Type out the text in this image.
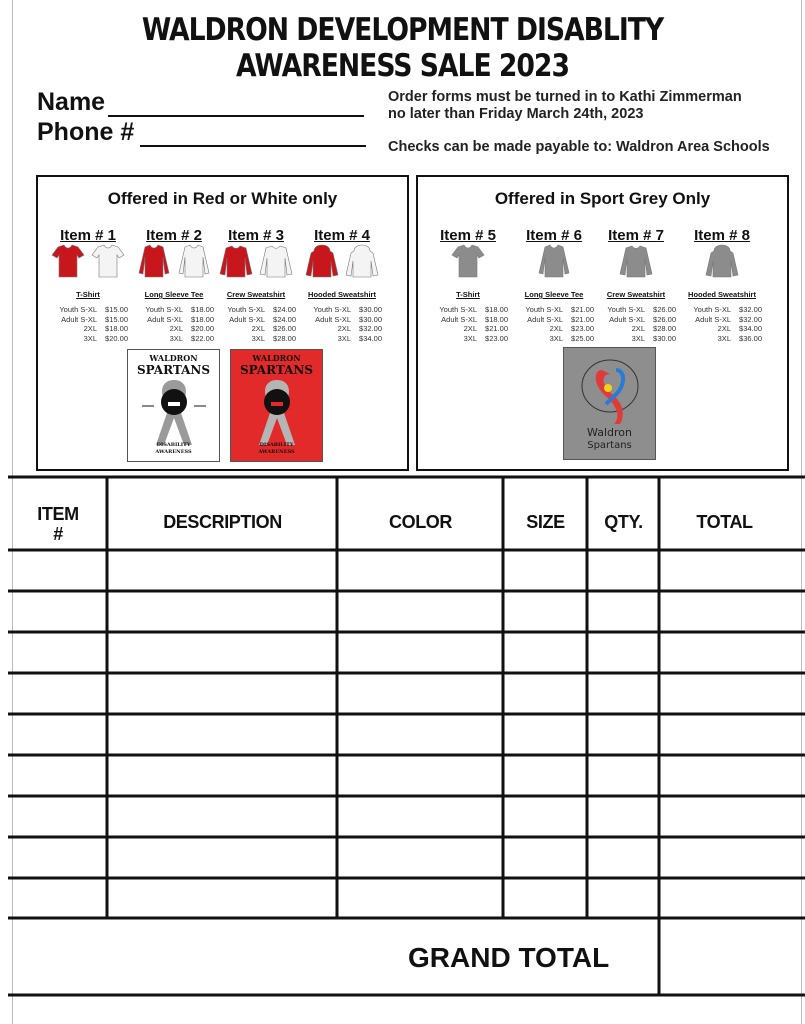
WALDRON DEVELOPMENT DISABLITY AWARENESS SALE 2023
Name
Phone #
Order forms must be turned in to Kathi Zimmerman
no later than Friday March 24th, 2023
Checks can be made payable to: Waldron Area Schools
Offered in Red or White only
Item # 1
T-Shirt
Youth S-XL	$15.00
Adult S-XL	$15.00
2XL	$18.00
3XL	$20.00
Item # 2
Long Sleeve Tee
Youth S-XL	$18.00
Adult S-XL	$18.00
2XL	$20.00
3XL	$22.00
Item # 3
Crew Sweatshirt
Youth S-XL	$24.00
Adult S-XL	$24.00
2XL	$26.00
3XL	$28.00
Item # 4
Hooded Sweatshirt
Youth S-XL	$30.00
Adult S-XL	$30.00
2XL	$32.00
3XL	$34.00
WALDRON
SPARTANS
DISABILITY
AWARENESS
WALDRON
SPARTANS
DISABILITY
AWARENESS
Offered in Sport Grey Only
Item # 5
T-Shirt
Youth S-XL	$18.00
Adult S-XL	$18.00
2XL	$21.00
3XL	$23.00
Item # 6
Long Sleeve Tee
Youth S-XL	$21.00
Adult S-XL	$21.00
2XL	$23.00
3XL	$25.00
Item # 7
Crew Sweatshirt
Youth S-XL	$26.00
Adult S-XL	$26.00
2XL	$28.00
3XL	$30.00
Item # 8
Hooded Sweatshirt
Youth S-XL	$32.00
Adult S-XL	$32.00
2XL	$34.00
3XL	$36.00
Waldron
Spartans
ITEM
#
DESCRIPTION	COLOR	SIZE	QTY.	TOTAL
GRAND TOTAL
